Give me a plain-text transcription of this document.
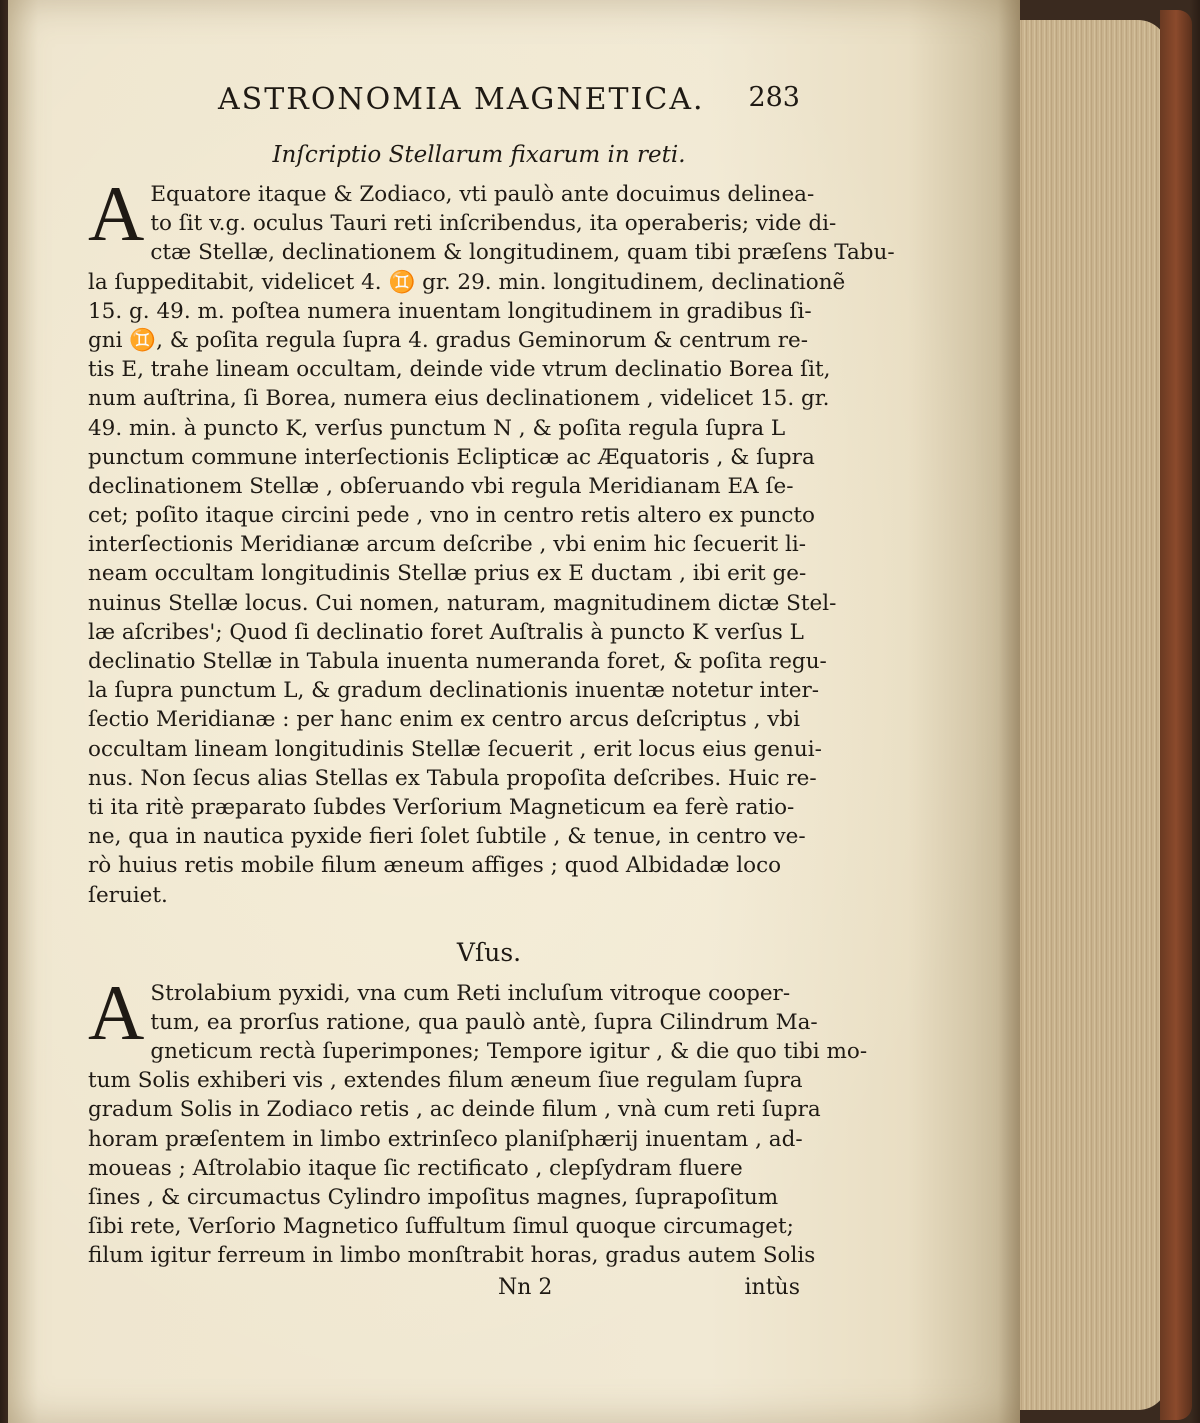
ASTRONOMIA MAGNETICA. 283
Inſcriptio Stellarum fixarum in reti.
A Equatore itaque & Zodiaco, vti paulò ante docuimus delinea-
to ſit v.g. oculus Tauri reti inſcribendus, ita operaberis; vide di-
ctæ Stellæ, declinationem & longitudinem, quam tibi præſens Tabu-
la ſuppeditabit, videlicet 4. ♊ gr. 29. min. longitudinem, declinationẽ
15. g. 49. m. poſtea numera inuentam longitudinem in gradibus ſi-
gni ♊, & poſita regula ſupra 4. gradus Geminorum & centrum re-
tis E, trahe lineam occultam, deinde vide vtrum declinatio Borea ſit,
num auſtrina, ſi Borea, numera eius declinationem , videlicet 15. gr.
49. min. à puncto K, verſus punctum N , & poſita regula ſupra L
punctum commune interſectionis Eclipticæ ac Æquatoris , & ſupra
declinationem Stellæ , obſeruando vbi regula Meridianam EA ſe-
cet; poſito itaque circini pede , vno in centro retis altero ex puncto
interſectionis Meridianæ arcum deſcribe , vbi enim hic ſecuerit li-
neam occultam longitudinis Stellæ prius ex E ductam , ibi erit ge-
nuinus Stellæ locus. Cui nomen, naturam, magnitudinem dictæ Stel-
læ aſcribes'; Quod ſi declinatio foret Auſtralis à puncto K verſus L
declinatio Stellæ in Tabula inuenta numeranda foret, & poſita regu-
la ſupra punctum L, & gradum declinationis inuentæ notetur inter-
ſectio Meridianæ : per hanc enim ex centro arcus deſcriptus , vbi
occultam lineam longitudinis Stellæ ſecuerit , erit locus eius genui-
nus. Non ſecus alias Stellas ex Tabula propoſita deſcribes. Huic re-
ti ita ritè præparato ſubdes Verſorium Magneticum ea ferè ratio-
ne, qua in nautica pyxide fieri ſolet ſubtile , & tenue, in centro ve-
rò huius retis mobile filum æneum affiges ; quod Albidadæ loco
ſeruiet.
Vſus.
A Strolabium pyxidi, vna cum Reti incluſum vitroque cooper-
tum, ea prorſus ratione, qua paulò antè, ſupra Cilindrum Ma-
gneticum rectà ſuperimpones; Tempore igitur , & die quo tibi mo-
tum Solis exhiberi vis , extendes filum æneum ſiue regulam ſupra
gradum Solis in Zodiaco retis , ac deinde filum , vnà cum reti ſupra
horam præſentem in limbo extrinſeco planiſphærij inuentam , ad-
moueas ; Aſtrolabio itaque ſic rectificato , clepſydram fluere
ſines , & circumactus Cylindro impoſitus magnes, ſuprapoſitum
ſibi rete, Verſorio Magnetico ſuffultum ſimul quoque circumaget;
filum igitur ferreum in limbo monſtrabit horas, gradus autem Solis
Nn 2	intùs
